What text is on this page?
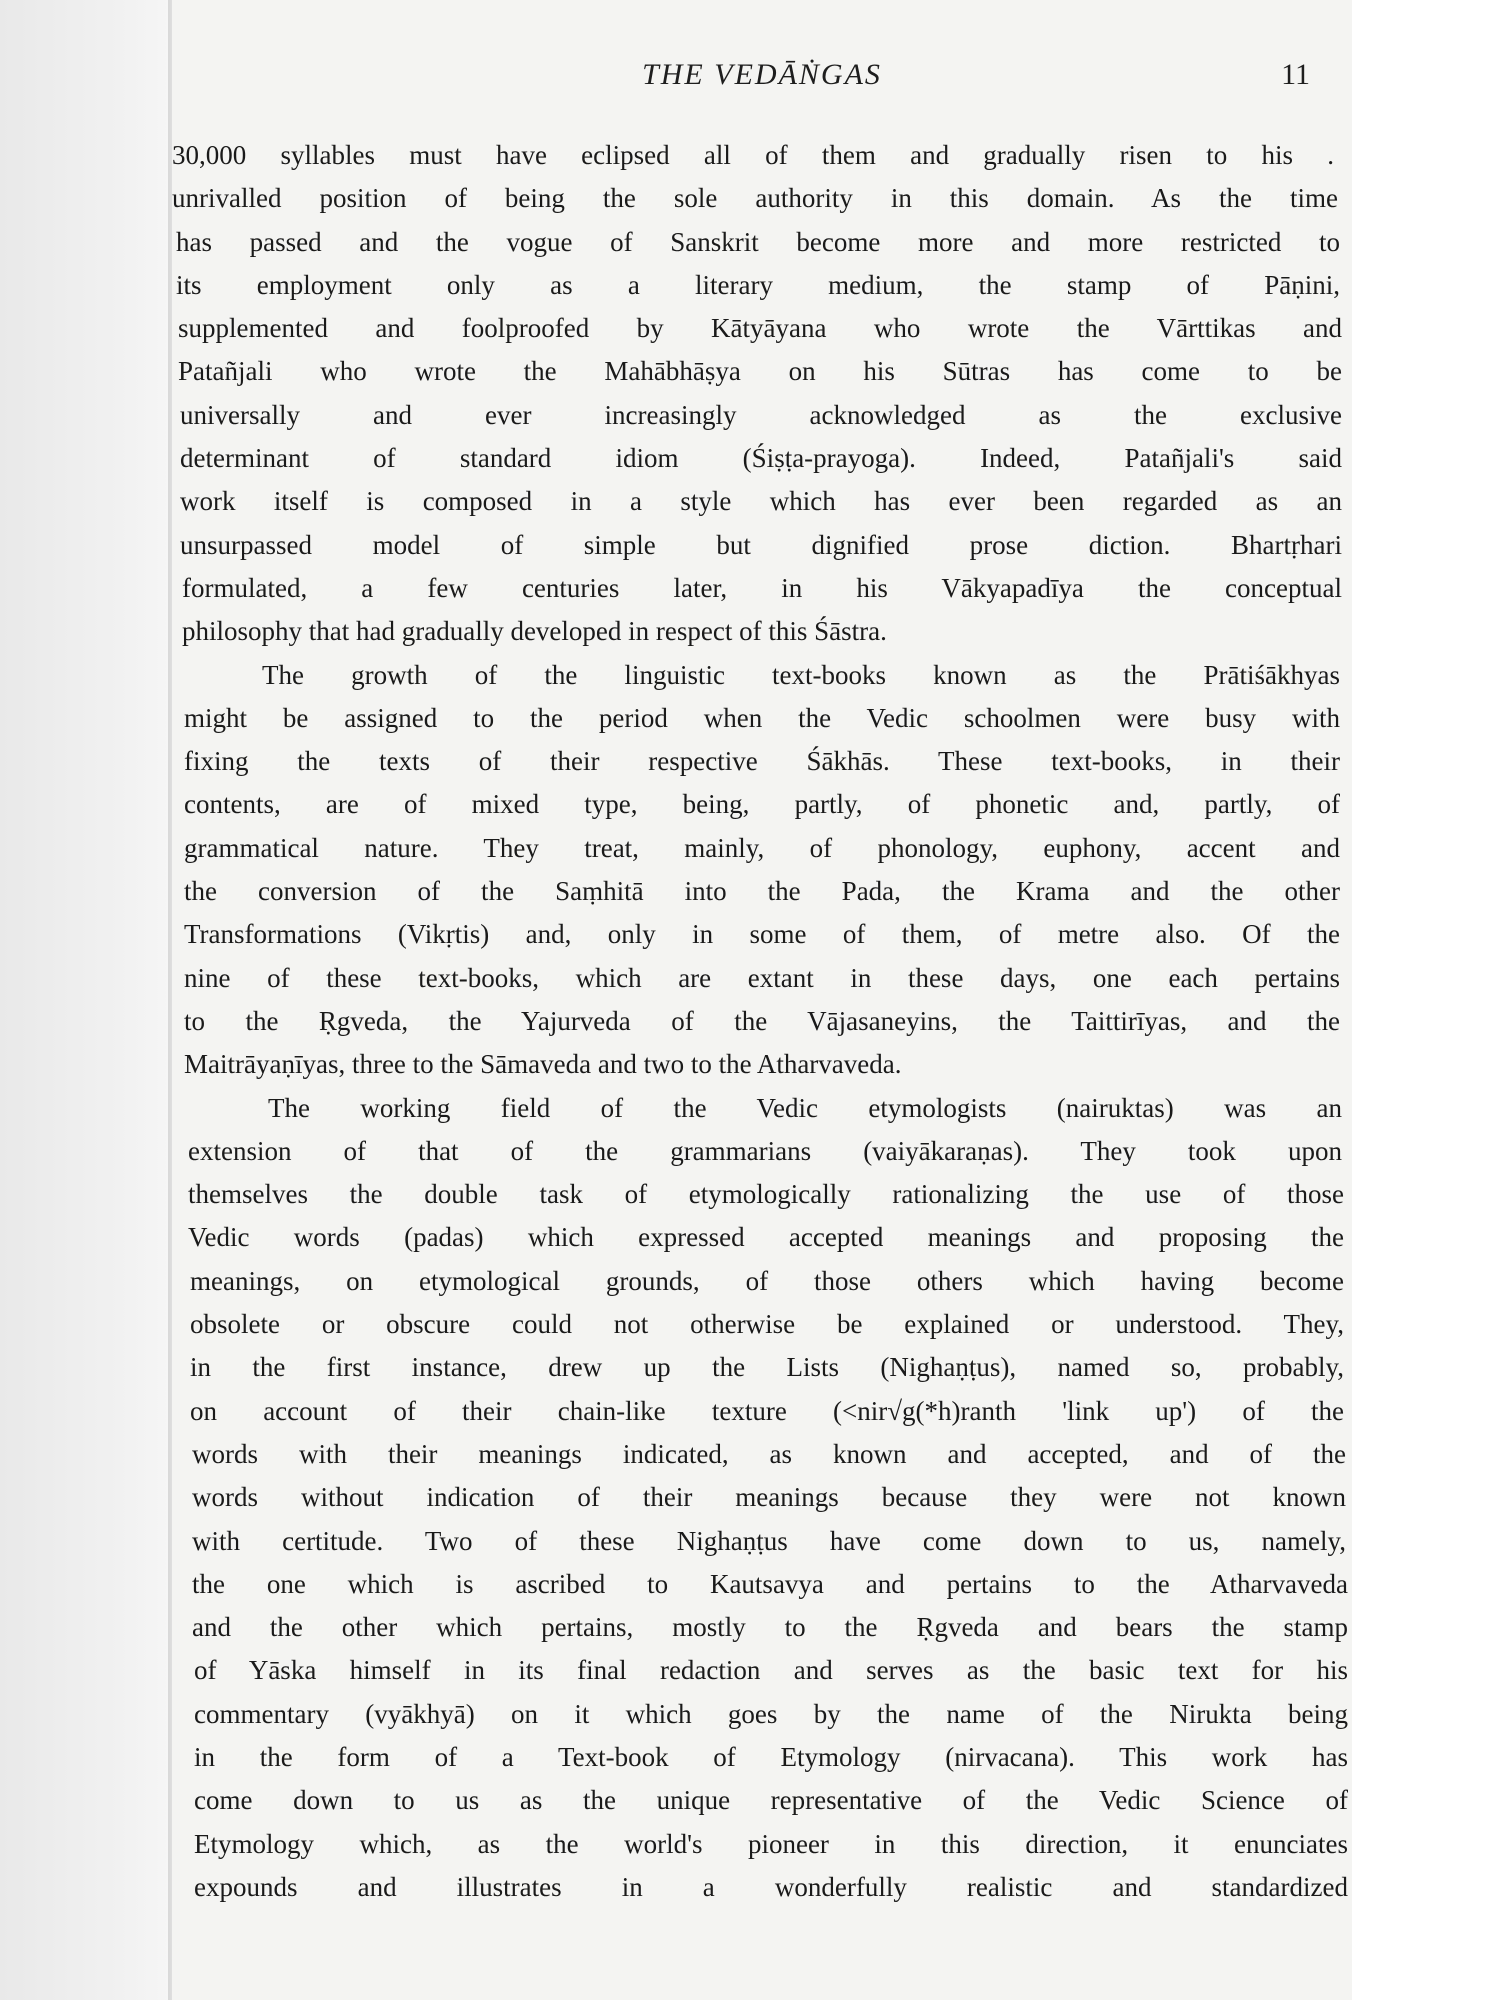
THE VEDĀṄGAS	11
30,000 syllables must have eclipsed all of them and gradually risen to his .
unrivalled position of being the sole authority in this domain. As the time
has passed and the vogue of Sanskrit become more and more restricted to
its employment only as a literary medium, the stamp of Pāṇini,
supplemented and foolproofed by Kātyāyana who wrote the Vārttikas and
Patañjali who wrote the Mahābhāṣya on his Sūtras has come to be
universally and ever increasingly acknowledged as the exclusive
determinant of standard idiom (Śiṣṭa-prayoga). Indeed, Patañjali's said
work itself is composed in a style which has ever been regarded as an
unsurpassed model of simple but dignified prose diction. Bhartṛhari
formulated, a few centuries later, in his Vākyapadīya the conceptual
philosophy that had gradually developed in respect of this Śāstra.
The growth of the linguistic text-books known as the Prātiśākhyas
might be assigned to the period when the Vedic schoolmen were busy with
fixing the texts of their respective Śākhās. These text-books, in their
contents, are of mixed type, being, partly, of phonetic and, partly, of
grammatical nature. They treat, mainly, of phonology, euphony, accent and
the conversion of the Saṃhitā into the Pada, the Krama and the other
Transformations (Vikṛtis) and, only in some of them, of metre also. Of the
nine of these text-books, which are extant in these days, one each pertains
to the Ṛgveda, the Yajurveda of the Vājasaneyins, the Taittirīyas, and the
Maitrāyaṇīyas, three to the Sāmaveda and two to the Atharvaveda.
The working field of the Vedic etymologists (nairuktas) was an
extension of that of the grammarians (vaiyākaraṇas). They took upon
themselves the double task of etymologically rationalizing the use of those
Vedic words (padas) which expressed accepted meanings and proposing the
meanings, on etymological grounds, of those others which having become
obsolete or obscure could not otherwise be explained or understood. They,
in the first instance, drew up the Lists (Nighaṇṭus), named so, probably,
on account of their chain-like texture (<nir√g(*h)ranth 'link up') of the
words with their meanings indicated, as known and accepted, and of the
words without indication of their meanings because they were not known
with certitude. Two of these Nighaṇṭus have come down to us, namely,
the one which is ascribed to Kautsavya and pertains to the Atharvaveda
and the other which pertains, mostly to the Ṛgveda and bears the stamp
of Yāska himself in its final redaction and serves as the basic text for his
commentary (vyākhyā) on it which goes by the name of the Nirukta being
in the form of a Text-book of Etymology (nirvacana). This work has
come down to us as the unique representative of the Vedic Science of
Etymology which, as the world's pioneer in this direction, it enunciates
expounds and illustrates in a wonderfully realistic and standardized
